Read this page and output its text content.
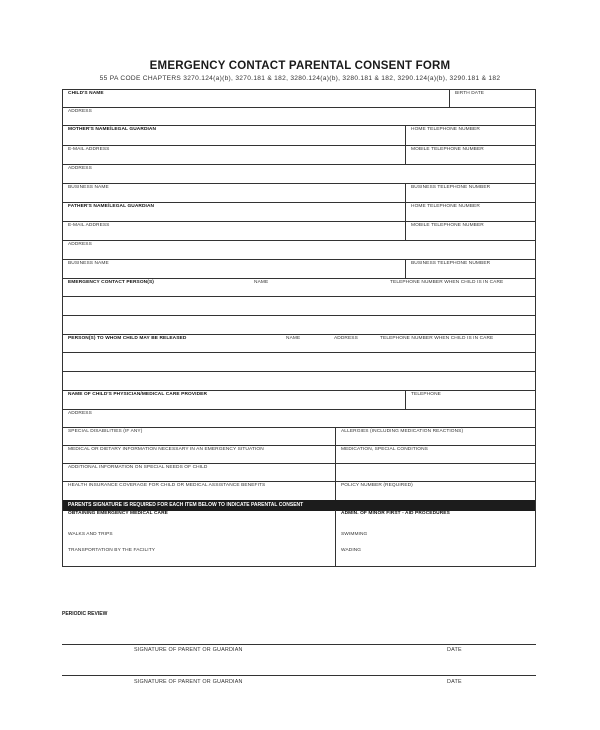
EMERGENCY CONTACT PARENTAL CONSENT FORM
55 PA CODE CHAPTERS 3270.124(a)(b), 3270.181 & 182, 3280.124(a)(b), 3280.181 & 182, 3290.124(a)(b), 3290.181 & 182
CHILD'S NAME	BIRTH DATE
ADDRESS
MOTHER'S NAME/LEGAL GUARDIAN	HOME TELEPHONE NUMBER
E-MAIL ADDRESS	MOBILE TELEPHONE NUMBER
ADDRESS
BUSINESS NAME	BUSINESS TELEPHONE NUMBER
FATHER'S NAME/LEGAL GUARDIAN	HOME TELEPHONE NUMBER
E-MAIL ADDRESS	MOBILE TELEPHONE NUMBER
ADDRESS
BUSINESS NAME	BUSINESS TELEPHONE NUMBER
EMERGENCY CONTACT PERSON(S)	NAME	TELEPHONE NUMBER WHEN CHILD IS IN CARE
PERSON(S) TO WHOM CHILD MAY BE RELEASED	NAME	ADDRESS	TELEPHONE NUMBER WHEN CHILD IS IN CARE
NAME OF CHILD'S PHYSICIAN/MEDICAL CARE PROVIDER	TELEPHONE
ADDRESS
SPECIAL DISABILITIES (IF ANY)	ALLERGIES (INCLUDING MEDICATION REACTIONS)
MEDICAL OR DIETARY INFORMATION NECESSARY IN AN EMERGENCY SITUATION	MEDICATION, SPECIAL CONDITIONS
ADDITIONAL INFORMATION ON SPECIAL NEEDS OF CHILD
HEALTH INSURANCE COVERAGE FOR CHILD OR MEDICAL ASSISTANCE BENEFITS	POLICY NUMBER (REQUIRED)
PARENTS SIGNATURE IS REQUIRED FOR EACH ITEM BELOW TO INDICATE PARENTAL CONSENT
OBTAINING EMERGENCY MEDICAL CARE	ADMIN. OF MINOR FIRST - AID PROCEDURES
WALKS AND TRIPS	SWIMMING
TRANSPORTATION BY THE FACILITY	WADING
PERIODIC REVIEW
SIGNATURE OF PARENT OR GUARDIAN	DATE
SIGNATURE OF PARENT OR GUARDIAN	DATE
